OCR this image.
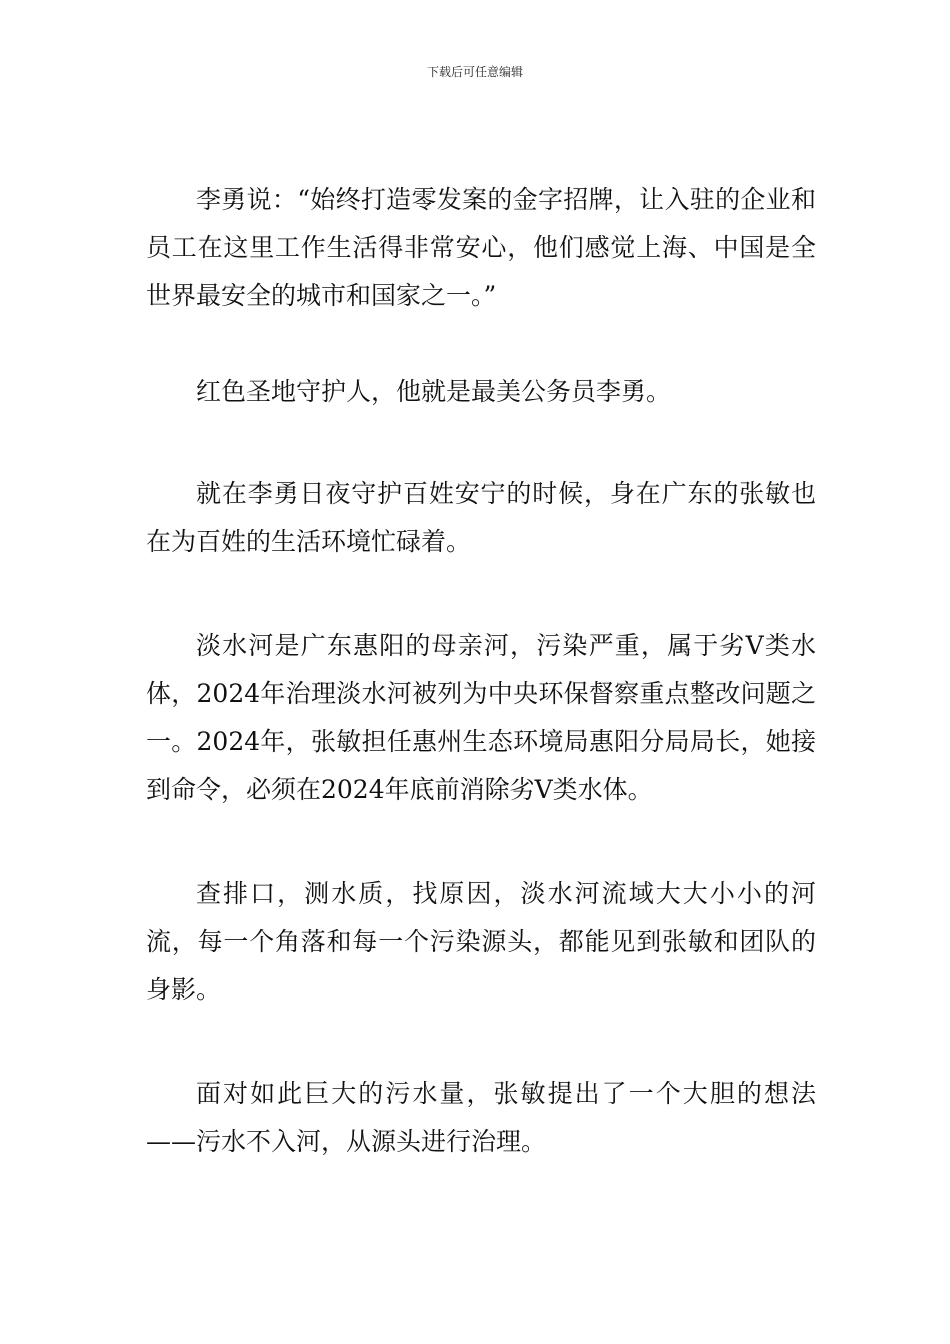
下载后可任意编辑

李勇说：“始终打造零发案的金字招牌，让入驻的企业和员工在这里工作生活得非常安心，他们感觉上海、中国是全世界最安全的城市和国家之一。”

红色圣地守护人，他就是最美公务员李勇。

就在李勇日夜守护百姓安宁的时候，身在广东的张敏也在为百姓的生活环境忙碌着。

淡水河是广东惠阳的母亲河，污染严重，属于劣Ⅴ类水体，2024年治理淡水河被列为中央环保督察重点整改问题之一。2024年，张敏担任惠州生态环境局惠阳分局局长，她接到命令，必须在2024年底前消除劣Ⅴ类水体。

查排口，测水质，找原因，淡水河流域大大小小的河流，每一个角落和每一个污染源头，都能见到张敏和团队的身影。

面对如此巨大的污水量，张敏提出了一个大胆的想法——污水不入河，从源头进行治理。
